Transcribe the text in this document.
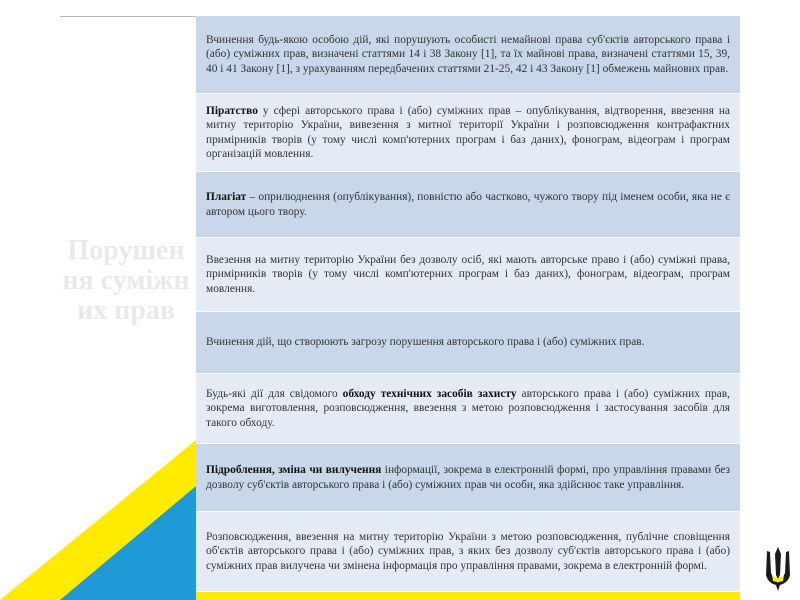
Порушення суміжних прав

Вчинення будь-якою особою дій, які порушують особисті немайнові права суб'єктів авторського права і (або) суміжних прав, визначені статтями 14 і 38 Закону [1], та їх майнові права, визначені статтями 15, 39, 40 і 41 Закону [1], з урахуванням передбачених статтями 21-25, 42 і 43 Закону [1] обмежень майнових прав.

Піратство у сфері авторського права і (або) суміжних прав – опублікування, відтворення, ввезення на митну територію України, вивезення з митної території України і розповсюдження контрафактних примірників творів (у тому числі комп'ютерних програм і баз даних), фонограм, відеограм і програм організацій мовлення.

Плагіат – оприлюднення (опублікування), повністю або частково, чужого твору під іменем особи, яка не є автором цього твору.

Ввезення на митну територію України без дозволу осіб, які мають авторське право і (або) суміжні права, примірників творів (у тому числі комп'ютерних програм і баз даних), фонограм, відеограм, програм мовлення.

Вчинення дій, що створюють загрозу порушення авторського права і (або) суміжних прав.

Будь-які дії для свідомого обходу технічних засобів захисту авторського права і (або) суміжних прав, зокрема виготовлення, розповсюдження, ввезення з метою розповсюдження і застосування засобів для такого обходу.

Підроблення, зміна чи вилучення інформації, зокрема в електронній формі, про управління правами без дозволу суб'єктів авторського права і (або) суміжних прав чи особи, яка здійснює таке управління.

Розповсюдження, ввезення на митну територію України з метою розповсюдження, публічне сповіщення об'єктів авторського права і (або) суміжних прав, з яких без дозволу суб'єктів авторського права і (або) суміжних прав вилучена чи змінена інформація про управління правами, зокрема в електронній формі.
